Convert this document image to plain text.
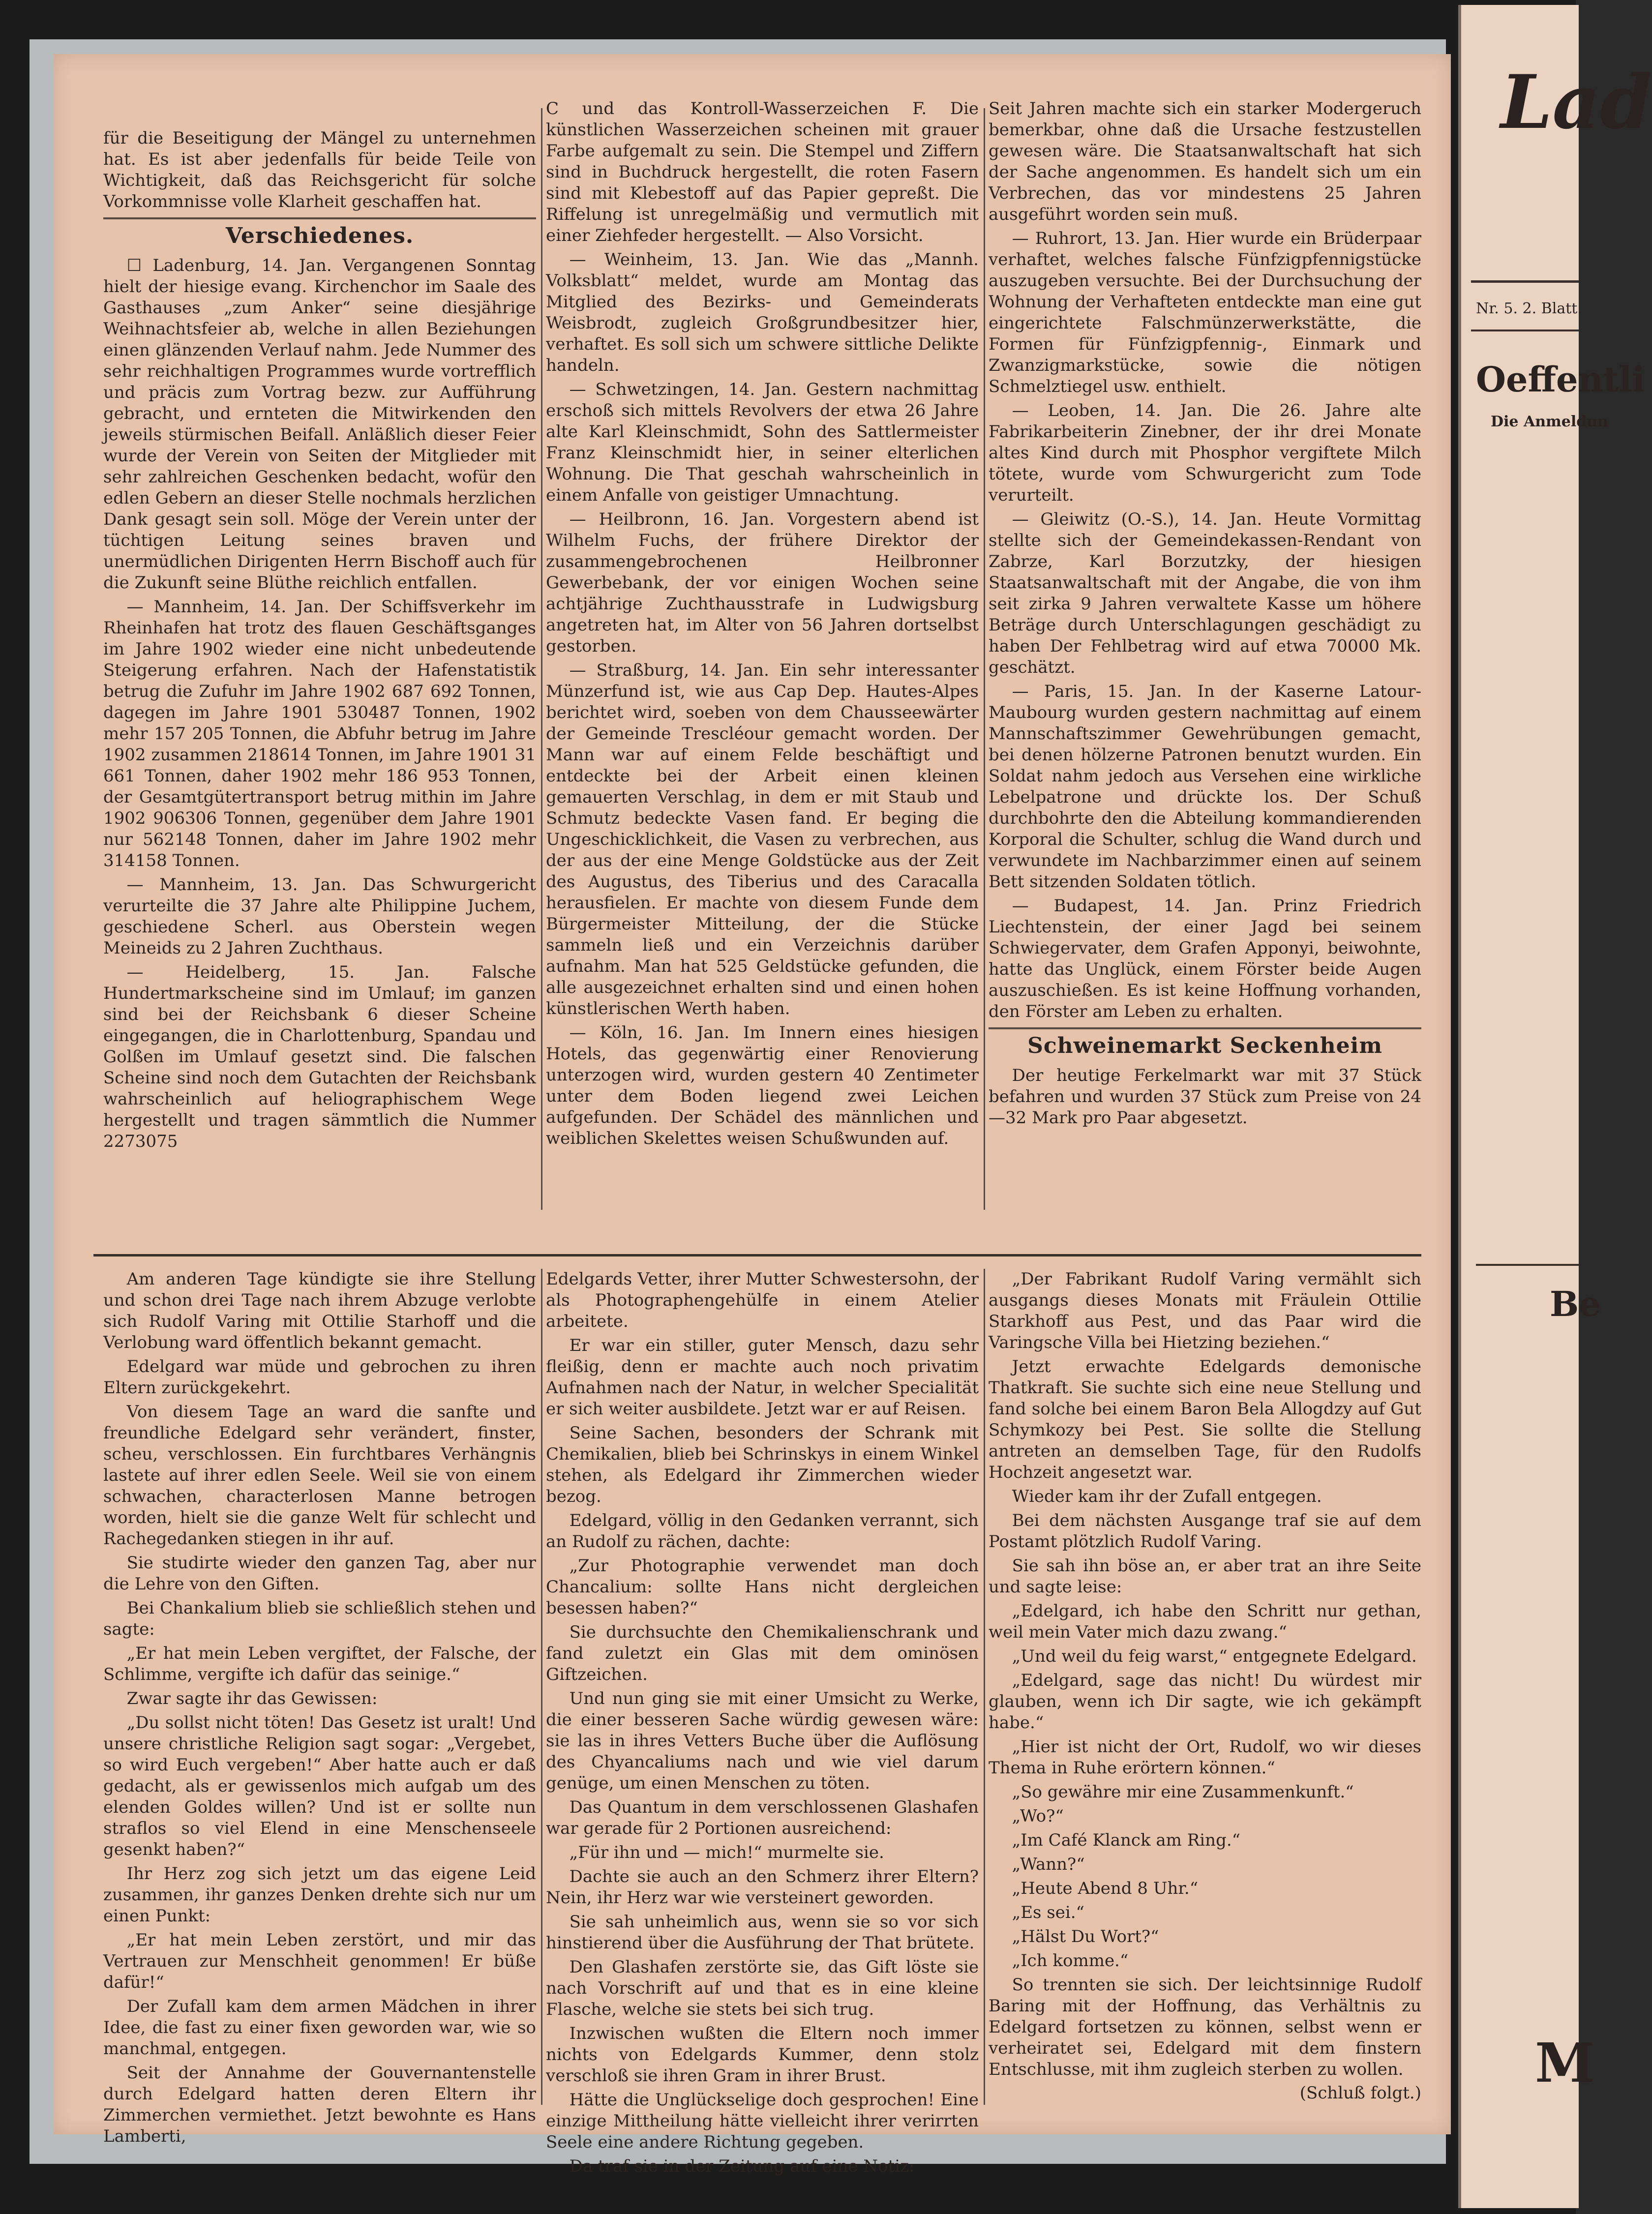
für die Beseitigung der Mängel zu unternehmen hat. Es ist aber jedenfalls für beide Teile von Wichtigkeit, daß das Reichsgericht für solche Vorkommnisse volle Klarheit geschaffen hat.

Verschiedenes.

☐ Ladenburg, 14. Jan. Vergangenen Sonntag hielt der hiesige evang. Kirchenchor im Saale des Gasthauses „zum Anker“ seine diesjährige Weihnachtsfeier ab, welche in allen Beziehungen einen glänzenden Verlauf nahm. Jede Nummer des sehr reichhaltigen Programmes wurde vortrefflich und präcis zum Vortrag bezw. zur Aufführung gebracht, und ernteten die Mitwirkenden den jeweils stürmischen Beifall. Anläßlich dieser Feier wurde der Verein von Seiten der Mitglieder mit sehr zahlreichen Geschenken bedacht, wofür den edlen Gebern an dieser Stelle nochmals herzlichen Dank gesagt sein soll. Möge der Verein unter der tüchtigen Leitung seines braven und unermüdlichen Dirigenten Herrn Bischoff auch für die Zukunft seine Blüthe reichlich entfallen.

— Mannheim, 14. Jan. Der Schiffsverkehr im Rheinhafen hat trotz des flauen Geschäftsganges im Jahre 1902 wieder eine nicht unbedeutende Steigerung erfahren. Nach der Hafenstatistik betrug die Zufuhr im Jahre 1902 687 692 Tonnen, dagegen im Jahre 1901 530487 Tonnen, 1902 mehr 157 205 Tonnen, die Abfuhr betrug im Jahre 1902 zusammen 218614 Tonnen, im Jahre 1901 31 661 Tonnen, daher 1902 mehr 186 953 Tonnen, der Gesamtgütertransport betrug mithin im Jahre 1902 906306 Tonnen, gegenüber dem Jahre 1901 nur 562148 Tonnen, daher im Jahre 1902 mehr 314158 Tonnen.

— Mannheim, 13. Jan. Das Schwurgericht verurteilte die 37 Jahre alte Philippine Juchem, geschiedene Scherl. aus Oberstein wegen Meineids zu 2 Jahren Zuchthaus.

— Heidelberg, 15. Jan. Falsche Hundertmarkscheine sind im Umlauf; im ganzen sind bei der Reichsbank 6 dieser Scheine eingegangen, die in Charlottenburg, Spandau und Golßen im Umlauf gesetzt sind. Die falschen Scheine sind noch dem Gutachten der Reichsbank wahrscheinlich auf heliographischem Wege hergestellt und tragen sämmtlich die Nummer 2273075

C und das Kontroll-Wasserzeichen F. Die künstlichen Wasserzeichen scheinen mit grauer Farbe aufgemalt zu sein. Die Stempel und Ziffern sind in Buchdruck hergestellt, die roten Fasern sind mit Klebestoff auf das Papier gepreßt. Die Riffelung ist unregelmäßig und vermutlich mit einer Ziehfeder hergestellt. — Also Vorsicht.

— Weinheim, 13. Jan. Wie das „Mannh. Volksblatt“ meldet, wurde am Montag das Mitglied des Bezirks- und Gemeinderats Weisbrodt, zugleich Großgrundbesitzer hier, verhaftet. Es soll sich um schwere sittliche Delikte handeln.

— Schwetzingen, 14. Jan. Gestern nachmittag erschoß sich mittels Revolvers der etwa 26 Jahre alte Karl Kleinschmidt, Sohn des Sattlermeister Franz Kleinschmidt hier, in seiner elterlichen Wohnung. Die That geschah wahrscheinlich in einem Anfalle von geistiger Umnachtung.

— Heilbronn, 16. Jan. Vorgestern abend ist Wilhelm Fuchs, der frühere Direktor der zusammengebrochenen Heilbronner Gewerbebank, der vor einigen Wochen seine achtjährige Zuchthausstrafe in Ludwigsburg angetreten hat, im Alter von 56 Jahren dortselbst gestorben.

— Straßburg, 14. Jan. Ein sehr interessanter Münzerfund ist, wie aus Cap Dep. Hautes-Alpes berichtet wird, soeben von dem Chausseewärter der Gemeinde Trescléour gemacht worden. Der Mann war auf einem Felde beschäftigt und entdeckte bei der Arbeit einen kleinen gemauerten Verschlag, in dem er mit Staub und Schmutz bedeckte Vasen fand. Er beging die Ungeschicklichkeit, die Vasen zu verbrechen, aus der aus der eine Menge Goldstücke aus der Zeit des Augustus, des Tiberius und des Caracalla herausfielen. Er machte von diesem Funde dem Bürgermeister Mitteilung, der die Stücke sammeln ließ und ein Verzeichnis darüber aufnahm. Man hat 525 Geldstücke gefunden, die alle ausgezeichnet erhalten sind und einen hohen künstlerischen Werth haben.

— Köln, 16. Jan. Im Innern eines hiesigen Hotels, das gegenwärtig einer Renovierung unterzogen wird, wurden gestern 40 Zentimeter unter dem Boden liegend zwei Leichen aufgefunden. Der Schädel des männlichen und weiblichen Skelettes weisen Schußwunden auf.

Seit Jahren machte sich ein starker Modergeruch bemerkbar, ohne daß die Ursache festzustellen gewesen wäre. Die Staatsanwaltschaft hat sich der Sache angenommen. Es handelt sich um ein Verbrechen, das vor mindestens 25 Jahren ausgeführt worden sein muß.

— Ruhrort, 13. Jan. Hier wurde ein Brüderpaar verhaftet, welches falsche Fünfzigpfennigstücke auszugeben versuchte. Bei der Durchsuchung der Wohnung der Verhafteten entdeckte man eine gut eingerichtete Falschmünzerwerkstätte, die Formen für Fünfzigpfennig-, Einmark und Zwanzigmarkstücke, sowie die nötigen Schmelztiegel usw. enthielt.

— Leoben, 14. Jan. Die 26. Jahre alte Fabrikarbeiterin Zinebner, der ihr drei Monate altes Kind durch mit Phosphor vergiftete Milch tötete, wurde vom Schwurgericht zum Tode verurteilt.

— Gleiwitz (O.-S.), 14. Jan. Heute Vormittag stellte sich der Gemeindekassen-Rendant von Zabrze, Karl Borzutzky, der hiesigen Staatsanwaltschaft mit der Angabe, die von ihm seit zirka 9 Jahren verwaltete Kasse um höhere Beträge durch Unterschlagungen geschädigt zu haben Der Fehlbetrag wird auf etwa 70000 Mk. geschätzt.

— Paris, 15. Jan. In der Kaserne Latour-Maubourg wurden gestern nachmittag auf einem Mannschaftszimmer Gewehrübungen gemacht, bei denen hölzerne Patronen benutzt wurden. Ein Soldat nahm jedoch aus Versehen eine wirkliche Lebelpatrone und drückte los. Der Schuß durchbohrte den die Abteilung kommandierenden Korporal die Schulter, schlug die Wand durch und verwundete im Nachbarzimmer einen auf seinem Bett sitzenden Soldaten tötlich.

— Budapest, 14. Jan. Prinz Friedrich Liechtenstein, der einer Jagd bei seinem Schwiegervater, dem Grafen Apponyi, beiwohnte, hatte das Unglück, einem Förster beide Augen auszuschießen. Es ist keine Hoffnung vorhanden, den Förster am Leben zu erhalten.

Schweinemarkt Seckenheim

Der heutige Ferkelmarkt war mit 37 Stück befahren und wurden 37 Stück zum Preise von 24—32 Mark pro Paar abgesetzt.

Am anderen Tage kündigte sie ihre Stellung und schon drei Tage nach ihrem Abzuge verlobte sich Rudolf Varing mit Ottilie Starhoff und die Verlobung ward öffentlich bekannt gemacht.

Edelgard war müde und gebrochen zu ihren Eltern zurückgekehrt.

Von diesem Tage an ward die sanfte und freundliche Edelgard sehr verändert, finster, scheu, verschlossen. Ein furchtbares Verhängnis lastete auf ihrer edlen Seele. Weil sie von einem schwachen, characterlosen Manne betrogen worden, hielt sie die ganze Welt für schlecht und Rachegedanken stiegen in ihr auf.

Sie studirte wieder den ganzen Tag, aber nur die Lehre von den Giften.

Bei Chankalium blieb sie schließlich stehen und sagte:

„Er hat mein Leben vergiftet, der Falsche, der Schlimme, vergifte ich dafür das seinige.“

Zwar sagte ihr das Gewissen:

„Du sollst nicht töten! Das Gesetz ist uralt! Und unsere christliche Religion sagt sogar: „Vergebet, so wird Euch vergeben!“ Aber hatte auch er daß gedacht, als er gewissenlos mich aufgab um des elenden Goldes willen? Und ist er sollte nun straflos so viel Elend in eine Menschenseele gesenkt haben?“

Ihr Herz zog sich jetzt um das eigene Leid zusammen, ihr ganzes Denken drehte sich nur um einen Punkt:

„Er hat mein Leben zerstört, und mir das Vertrauen zur Menschheit genommen! Er büße dafür!“

Der Zufall kam dem armen Mädchen in ihrer Idee, die fast zu einer fixen geworden war, wie so manchmal, entgegen.

Seit der Annahme der Gouvernantenstelle durch Edelgard hatten deren Eltern ihr Zimmerchen vermiethet. Jetzt bewohnte es Hans Lamberti,

Edelgards Vetter, ihrer Mutter Schwestersohn, der als Photographengehülfe in einem Atelier arbeitete.

Er war ein stiller, guter Mensch, dazu sehr fleißig, denn er machte auch noch privatim Aufnahmen nach der Natur, in welcher Specialität er sich weiter ausbildete. Jetzt war er auf Reisen.

Seine Sachen, besonders der Schrank mit Chemikalien, blieb bei Schrinskys in einem Winkel stehen, als Edelgard ihr Zimmerchen wieder bezog.

Edelgard, völlig in den Gedanken verrannt, sich an Rudolf zu rächen, dachte:

„Zur Photographie verwendet man doch Chancalium: sollte Hans nicht dergleichen besessen haben?“

Sie durchsuchte den Chemikalienschrank und fand zuletzt ein Glas mit dem ominösen Giftzeichen.

Und nun ging sie mit einer Umsicht zu Werke, die einer besseren Sache würdig gewesen wäre: sie las in ihres Vetters Buche über die Auflösung des Chyancaliums nach und wie viel darum genüge, um einen Menschen zu töten.

Das Quantum in dem verschlossenen Glashafen war gerade für 2 Portionen ausreichend:

„Für ihn und — mich!“ murmelte sie.

Dachte sie auch an den Schmerz ihrer Eltern? Nein, ihr Herz war wie versteinert geworden.

Sie sah unheimlich aus, wenn sie so vor sich hinstierend über die Ausführung der That brütete.

Den Glashafen zerstörte sie, das Gift löste sie nach Vorschrift auf und that es in eine kleine Flasche, welche sie stets bei sich trug.

Inzwischen wußten die Eltern noch immer nichts von Edelgards Kummer, denn stolz verschloß sie ihren Gram in ihrer Brust.

Hätte die Unglückselige doch gesprochen! Eine einzige Mittheilung hätte vielleicht ihrer verirrten Seele eine andere Richtung gegeben.

Da traf sie in der Zeitung auf eine Notiz:

„Der Fabrikant Rudolf Varing vermählt sich ausgangs dieses Monats mit Fräulein Ottilie Starkhoff aus Pest, und das Paar wird die Varingsche Villa bei Hietzing beziehen.“

Jetzt erwachte Edelgards demonische Thatkraft. Sie suchte sich eine neue Stellung und fand solche bei einem Baron Bela Allogdzy auf Gut Schymkozy bei Pest. Sie sollte die Stellung antreten an demselben Tage, für den Rudolfs Hochzeit angesetzt war.

Wieder kam ihr der Zufall entgegen.

Bei dem nächsten Ausgange traf sie auf dem Postamt plötzlich Rudolf Varing.

Sie sah ihn böse an, er aber trat an ihre Seite und sagte leise:

„Edelgard, ich habe den Schritt nur gethan, weil mein Vater mich dazu zwang.“

„Und weil du feig warst,“ entgegnete Edelgard.

„Edelgard, sage das nicht! Du würdest mir glauben, wenn ich Dir sagte, wie ich gekämpft habe.“

„Hier ist nicht der Ort, Rudolf, wo wir dieses Thema in Ruhe erörtern können.“

„So gewähre mir eine Zusammenkunft.“

„Wo?“

„Im Café Klanck am Ring.“

„Wann?“

„Heute Abend 8 Uhr.“

„Es sei.“

„Hälst Du Wort?“

„Ich komme.“

So trennten sie sich. Der leichtsinnige Rudolf Baring mit der Hoffnung, das Verhältnis zu Edelgard fortsetzen zu können, selbst wenn er verheiratet sei, Edelgard mit dem finstern Entschlusse, mit ihm zugleich sterben zu wollen.

(Schluß folgt.)
Lad
Nr. 5. 2. Blatt.
Oeffentli
Die Anmeldun
Be
M
